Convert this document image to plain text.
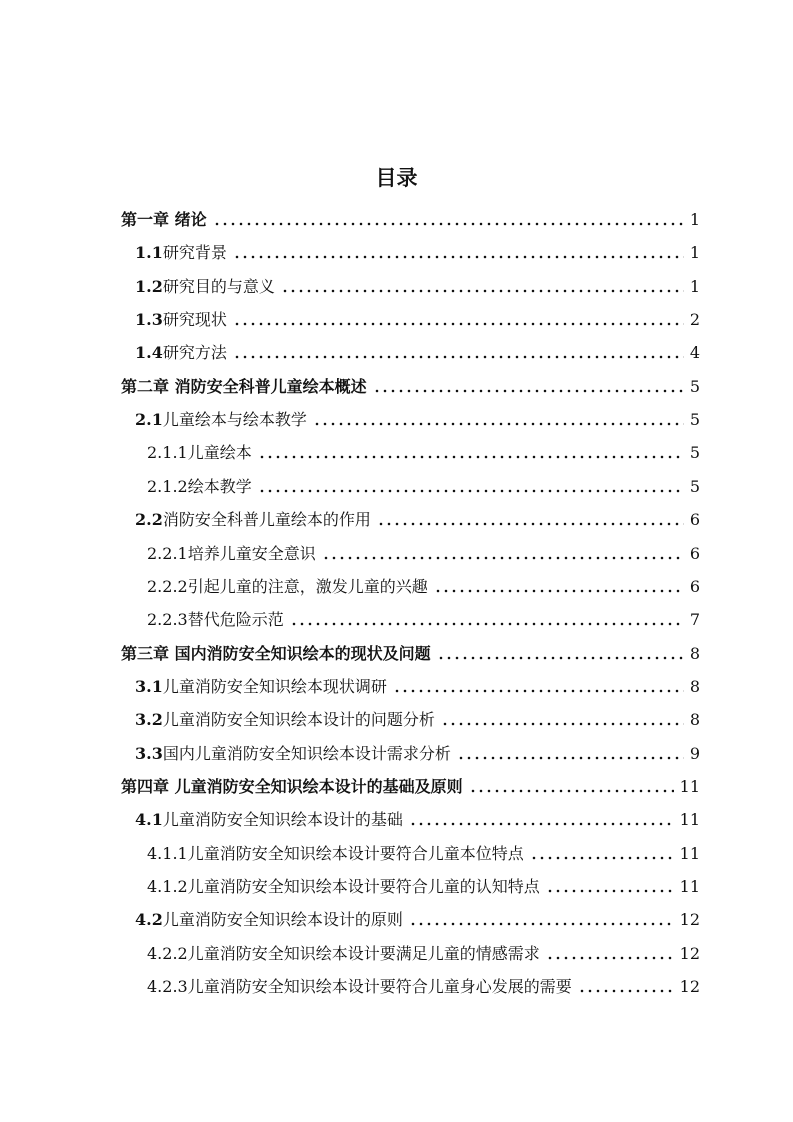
目录
第一章 绪论	1
1.1 研究背景	1
1.2 研究目的与意义	1
1.3 研究现状	2
1.4 研究方法	4
第二章 消防安全科普儿童绘本概述	5
2.1 儿童绘本与绘本教学	5
2.1.1 儿童绘本	5
2.1.2 绘本教学	5
2.2 消防安全科普儿童绘本的作用	6
2.2.1 培养儿童安全意识	6
2.2.2 引起儿童的注意，激发儿童的兴趣	6
2.2.3 替代危险示范	7
第三章 国内消防安全知识绘本的现状及问题	8
3.1 儿童消防安全知识绘本现状调研	8
3.2 儿童消防安全知识绘本设计的问题分析	8
3.3 国内儿童消防安全知识绘本设计需求分析	9
第四章 儿童消防安全知识绘本设计的基础及原则	11
4.1 儿童消防安全知识绘本设计的基础	11
4.1.1 儿童消防安全知识绘本设计要符合儿童本位特点	11
4.1.2 儿童消防安全知识绘本设计要符合儿童的认知特点	11
4.2 儿童消防安全知识绘本设计的原则	12
4.2.2 儿童消防安全知识绘本设计要满足儿童的情感需求	12
4.2.3 儿童消防安全知识绘本设计要符合儿童身心发展的需要	12
